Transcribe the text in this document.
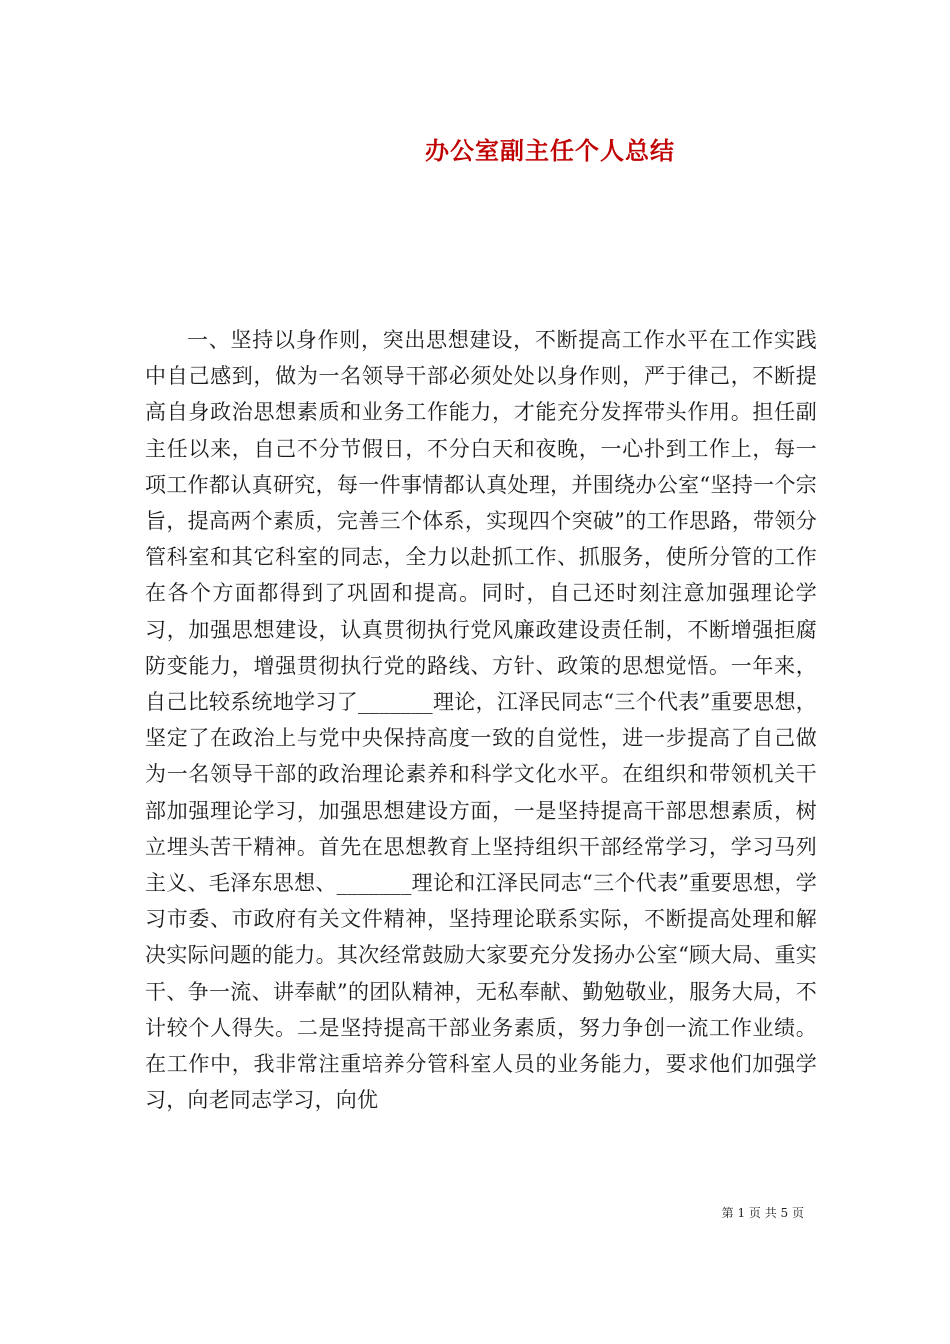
办公室副主任个人总结

一、坚持以身作则，突出思想建设，不断提高工作水平在工作实践中自己感到，做为一名领导干部必须处处以身作则，严于律己，不断提高自身政治思想素质和业务工作能力，才能充分发挥带头作用。担任副主任以来，自己不分节假日，不分白天和夜晚，一心扑到工作上，每一项工作都认真研究，每一件事情都认真处理，并围绕办公室“坚持一个宗旨，提高两个素质，完善三个体系，实现四个突破”的工作思路，带领分管科室和其它科室的同志，全力以赴抓工作、抓服务，使所分管的工作在各个方面都得到了巩固和提高。同时，自己还时刻注意加强理论学习，加强思想建设，认真贯彻执行党风廉政建设责任制，不断增强拒腐防变能力，增强贯彻执行党的路线、方针、政策的思想觉悟。一年来，自己比较系统地学习了_______理论，江泽民同志“三个代表”重要思想，坚定了在政治上与党中央保持高度一致的自觉性，进一步提高了自己做为一名领导干部的政治理论素养和科学文化水平。在组织和带领机关干部加强理论学习，加强思想建设方面，一是坚持提高干部思想素质，树立埋头苦干精神。首先在思想教育上坚持组织干部经常学习，学习马列主义、毛泽东思想、_______理论和江泽民同志“三个代表”重要思想，学习市委、市政府有关文件精神，坚持理论联系实际，不断提高处理和解决实际问题的能力。其次经常鼓励大家要充分发扬办公室“顾大局、重实干、争一流、讲奉献”的团队精神，无私奉献、勤勉敬业，服务大局，不计较个人得失。二是坚持提高干部业务素质，努力争创一流工作业绩。在工作中，我非常注重培养分管科室人员的业务能力，要求他们加强学习，向老同志学习，向优

第 1 页 共 5 页
